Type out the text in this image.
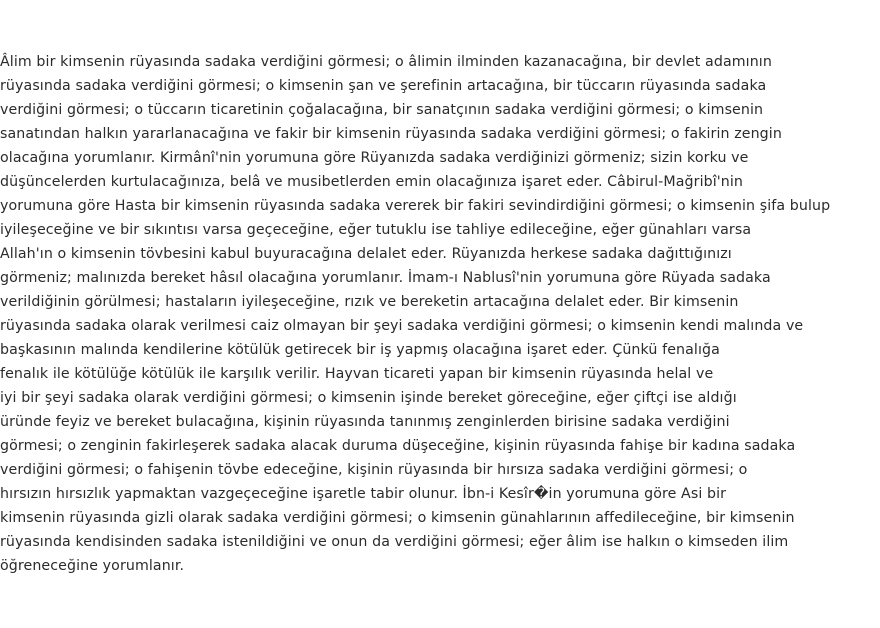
Âlim bir kimsenin rüyasında sadaka verdiğini görmesi; o âlimin ilminden kazanacağına, bir devlet adamının
rüyasında sadaka verdiğini görmesi; o kimsenin şan ve şerefinin artacağına, bir tüccarın rüyasında sadaka
verdiğini görmesi; o tüccarın ticaretinin çoğalacağına, bir sanatçının sadaka verdiğini görmesi; o kimsenin
sanatından halkın yararlanacağına ve fakir bir kimsenin rüyasında sadaka verdiğini görmesi; o fakirin zengin
olacağına yorumlanır. Kirmânî'nin yorumuna göre Rüyanızda sadaka verdiğinizi görmeniz; sizin korku ve
düşüncelerden kurtulacağınıza, belâ ve musibetlerden emin olacağınıza işaret eder. Câbirul-Mağribî'nin
yorumuna göre Hasta bir kimsenin rüyasında sadaka vererek bir fakiri sevindirdiğini görmesi; o kimsenin şifa bulup
iyileşeceğine ve bir sıkıntısı varsa geçeceğine, eğer tutuklu ise tahliye edileceğine, eğer günahları varsa
Allah'ın o kimsenin tövbesini kabul buyuracağına delalet eder. Rüyanızda herkese sadaka dağıttığınızı
görmeniz; malınızda bereket hâsıl olacağına yorumlanır. İmam-ı Nablusî'nin yorumuna göre Rüyada sadaka
verildiğinin görülmesi; hastaların iyileşeceğine, rızık ve bereketin artacağına delalet eder. Bir kimsenin
rüyasında sadaka olarak verilmesi caiz olmayan bir şeyi sadaka verdiğini görmesi; o kimsenin kendi malında ve
başkasının malında kendilerine kötülük getirecek bir iş yapmış olacağına işaret eder. Çünkü fenalığa
fenalık ile kötülüğe kötülük ile karşılık verilir. Hayvan ticareti yapan bir kimsenin rüyasında helal ve
iyi bir şeyi sadaka olarak verdiğini görmesi; o kimsenin işinde bereket göreceğine, eğer çiftçi ise aldığı
üründe feyiz ve bereket bulacağına, kişinin rüyasında tanınmış zenginlerden birisine sadaka verdiğini
görmesi; o zenginin fakirleşerek sadaka alacak duruma düşeceğine, kişinin rüyasında fahişe bir kadına sadaka
verdiğini görmesi; o fahişenin tövbe edeceğine, kişinin rüyasında bir hırsıza sadaka verdiğini görmesi; o
hırsızın hırsızlık yapmaktan vazgeçeceğine işaretle tabir olunur. İbn-i Kesîr�in yorumuna göre Asi bir
kimsenin rüyasında gizli olarak sadaka verdiğini görmesi; o kimsenin günahlarının affedileceğine, bir kimsenin
rüyasında kendisinden sadaka istenildiğini ve onun da verdiğini görmesi; eğer âlim ise halkın o kimseden ilim
öğreneceğine yorumlanır.
